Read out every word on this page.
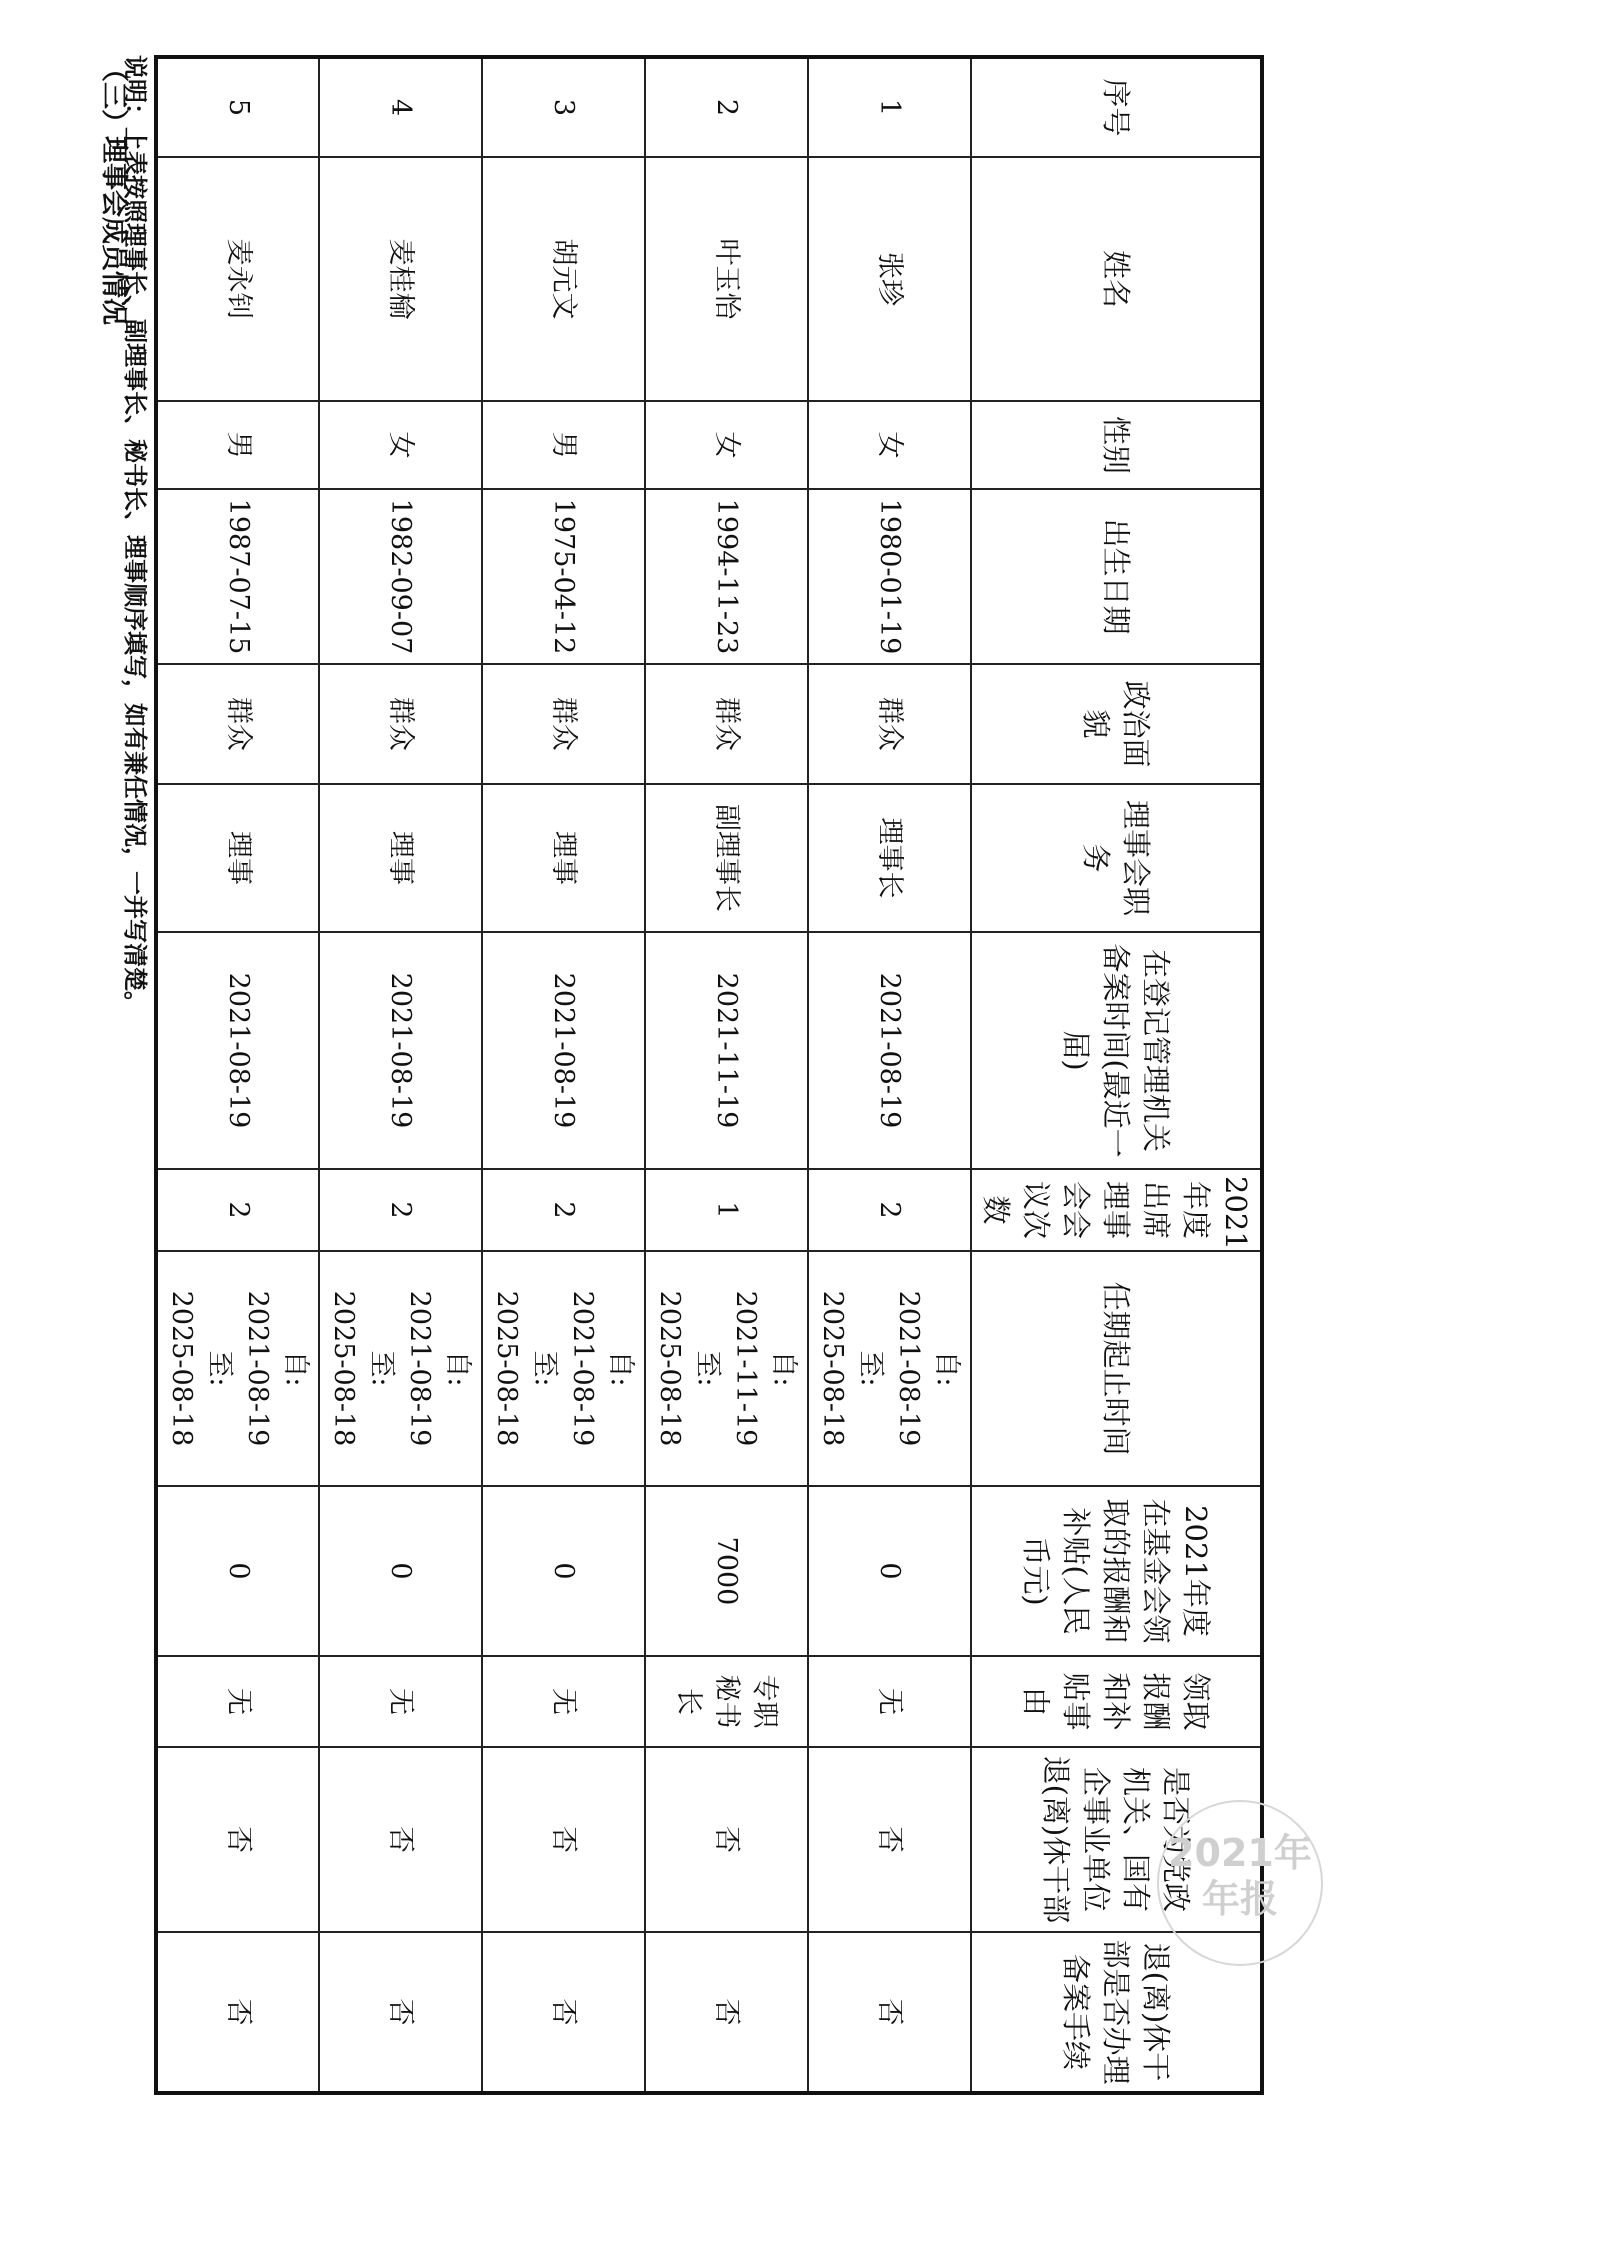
（三）理事会成员情况	序号	姓名	性别	出生日期	政治面貌	理事会职务	在登记管理机关备案时间(最近一届)	2021年度出席理事会会议次数	任期起止时间	2021年度在基金会领取的报酬和补贴(人民币元)	领取报酬和补贴事由	是否为党政机关、国有企事业单位退(离)休干部	退(离)休干部是否办理备案手续
1	张珍	女	1980-01-19	群众	理事长	2021-08-19	2	自:
2021-08-19
至:
2025-08-18	0	无	否	否
2	叶玉怡	女	1994-11-23	群众	副理事长	2021-11-19	1	自:
2021-11-19
至:
2025-08-18	7000	专职秘书长	否	否
3	胡元文	男	1975-04-12	群众	理事	2021-08-19	2	自:
2021-08-19
至:
2025-08-18	0	无	否	否
4	麦桂榆	女	1982-09-07	群众	理事	2021-08-19	2	自:
2021-08-19
至:
2025-08-18	0	无	否	否
5	麦永钊	男	1987-07-15	群众	理事	2021-08-19	2	自:
2021-08-19
至:
2025-08-18	0	无	否	否

说明：上表按照理事长、副理事长、秘书长、理事顺序填写，如有兼任情况，一并写清楚。

2021年
年报
